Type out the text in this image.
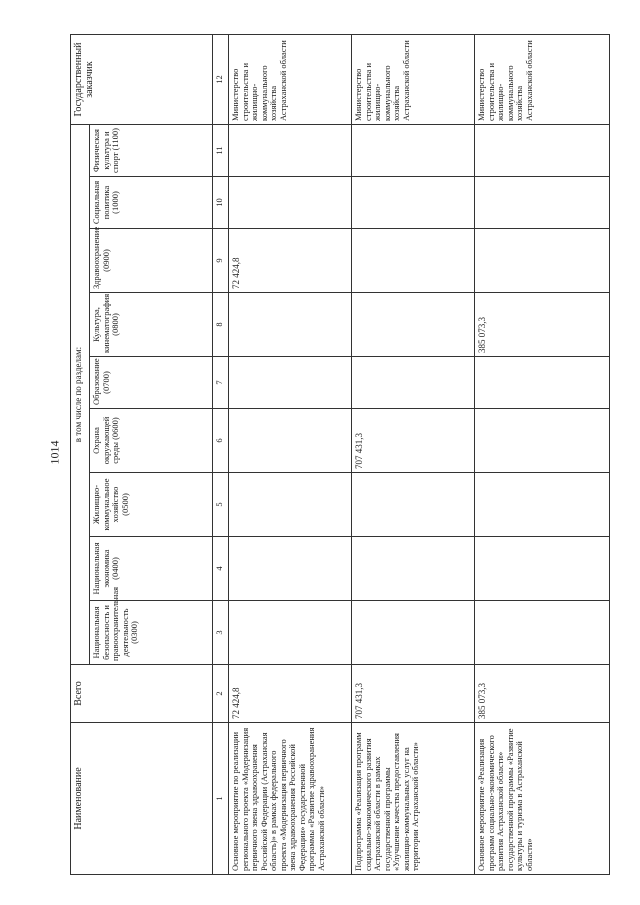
1014
Наименование	Всего	в том числе по разделам:									Государственный заказчик
		Национальная безопасность и правоохранительная деятельность (0300)	Национальная экономика (0400)	Жилищно-коммунальное хозяйство (0500)	Охрана окружающей среды (0600)	Образование (0700)	Культура, кинематография (0800)	Здравоохранение (0900)	Социальная политика (1000)	Физическая культура и спорт (1100)	
1	2	3	4	5	6	7	8	9	10	11	12
Основное мероприятие по реализации регионального проекта «Модернизация первичного звена здравоохранения Российской Федерации (Астраханская область)» в рамках федерального проекта «Модернизация первичного звена здравоохранения Российской Федерации» государственной программы «Развитие здравоохранения Астраханской области»	72 424,8							72 424,8			Министерство строительства и жилищно-коммунального хозяйства Астраханской области
Подпрограмма «Реализация программ социально-экономического развития Астраханской области в рамках государственной программы «Улучшение качества предоставления жилищно-коммунальных услуг на территории Астраханской области»	707 431,3				707 431,3						Министерство строительства и жилищно-коммунального хозяйства Астраханской области
Основное мероприятие «Реализация программ социально-экономического развития Астраханской области» государственной программы «Развитие культуры и туризма в Астраханской области»	385 073,3						385 073,3				Министерство строительства и жилищно-коммунального хозяйства Астраханской области
